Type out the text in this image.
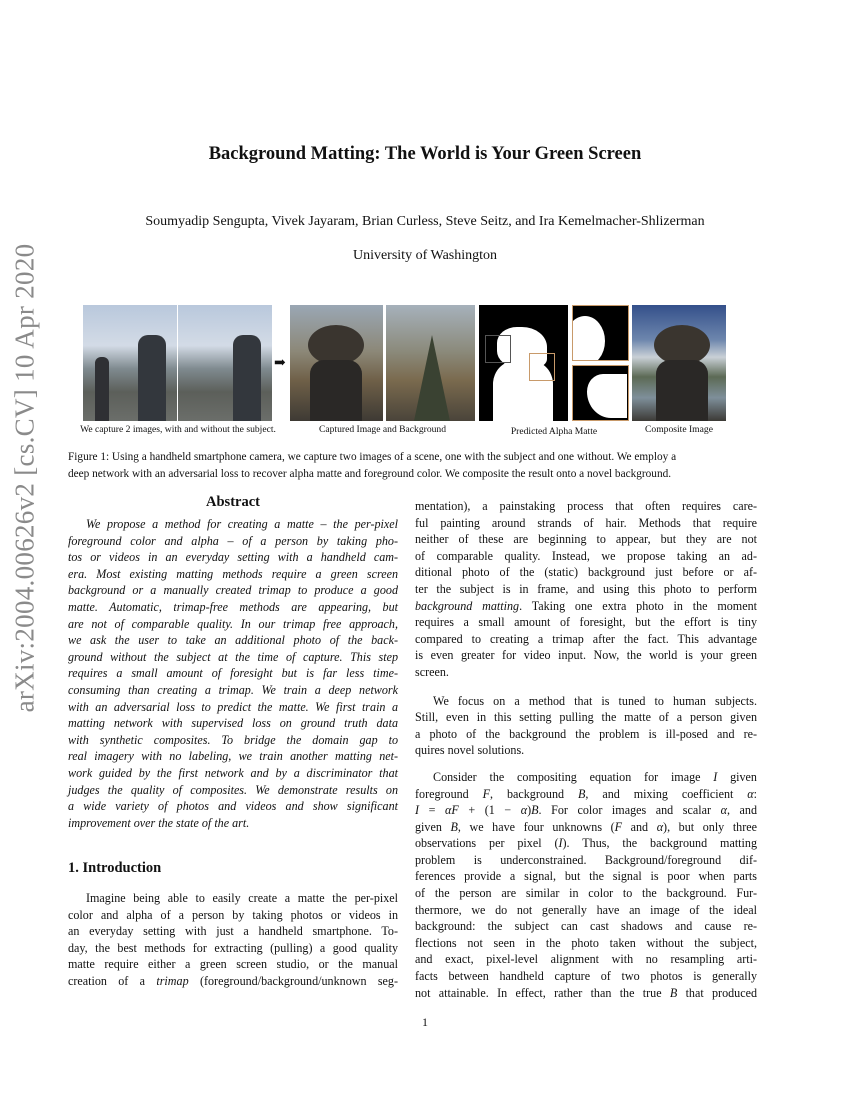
arXiv:2004.00626v2 [cs.CV] 10 Apr 2020
Background Matting: The World is Your Green Screen
Soumyadip Sengupta, Vivek Jayaram, Brian Curless, Steve Seitz, and Ira Kemelmacher-Shlizerman
University of Washington
➡
We capture 2 images, with and without the subject.	Captured Image and Background	Predicted Alpha Matte	Composite Image
Figure 1: Using a handheld smartphone camera, we capture two images of a scene, one with the subject and one without. We employ a
deep network with an adversarial loss to recover alpha matte and foreground color. We composite the result onto a novel background.
Abstract
We propose a method for creating a matte – the per-pixel
foreground color and alpha – of a person by taking pho-
tos or videos in an everyday setting with a handheld cam-
era. Most existing matting methods require a green screen
background or a manually created trimap to produce a good
matte. Automatic, trimap-free methods are appearing, but
are not of comparable quality. In our trimap free approach,
we ask the user to take an additional photo of the back-
ground without the subject at the time of capture. This step
requires a small amount of foresight but is far less time-
consuming than creating a trimap. We train a deep network
with an adversarial loss to predict the matte. We first train a
matting network with supervised loss on ground truth data
with synthetic composites. To bridge the domain gap to
real imagery with no labeling, we train another matting net-
work guided by the first network and by a discriminator that
judges the quality of composites. We demonstrate results on
a wide variety of photos and videos and show significant
improvement over the state of the art.
1. Introduction
Imagine being able to easily create a matte the per-pixel
color and alpha of a person by taking photos or videos in
an everyday setting with just a handheld smartphone. To-
day, the best methods for extracting (pulling) a good quality
matte require either a green screen studio, or the manual
creation of a trimap (foreground/background/unknown seg-
mentation), a painstaking process that often requires care-
ful painting around strands of hair. Methods that require
neither of these are beginning to appear, but they are not
of comparable quality. Instead, we propose taking an ad-
ditional photo of the (static) background just before or af-
ter the subject is in frame, and using this photo to perform
background matting. Taking one extra photo in the moment
requires a small amount of foresight, but the effort is tiny
compared to creating a trimap after the fact. This advantage
is even greater for video input. Now, the world is your green
screen.
We focus on a method that is tuned to human subjects.
Still, even in this setting pulling the matte of a person given
a photo of the background the problem is ill-posed and re-
quires novel solutions.
Consider the compositing equation for image I given
foreground F, background B, and mixing coefficient α:
I = αF + (1 − α)B. For color images and scalar α, and
given B, we have four unknowns (F and α), but only three
observations per pixel (I). Thus, the background matting
problem is underconstrained. Background/foreground dif-
ferences provide a signal, but the signal is poor when parts
of the person are similar in color to the background. Fur-
thermore, we do not generally have an image of the ideal
background: the subject can cast shadows and cause re-
flections not seen in the photo taken without the subject,
and exact, pixel-level alignment with no resampling arti-
facts between handheld capture of two photos is generally
not attainable. In effect, rather than the true B that produced
1
